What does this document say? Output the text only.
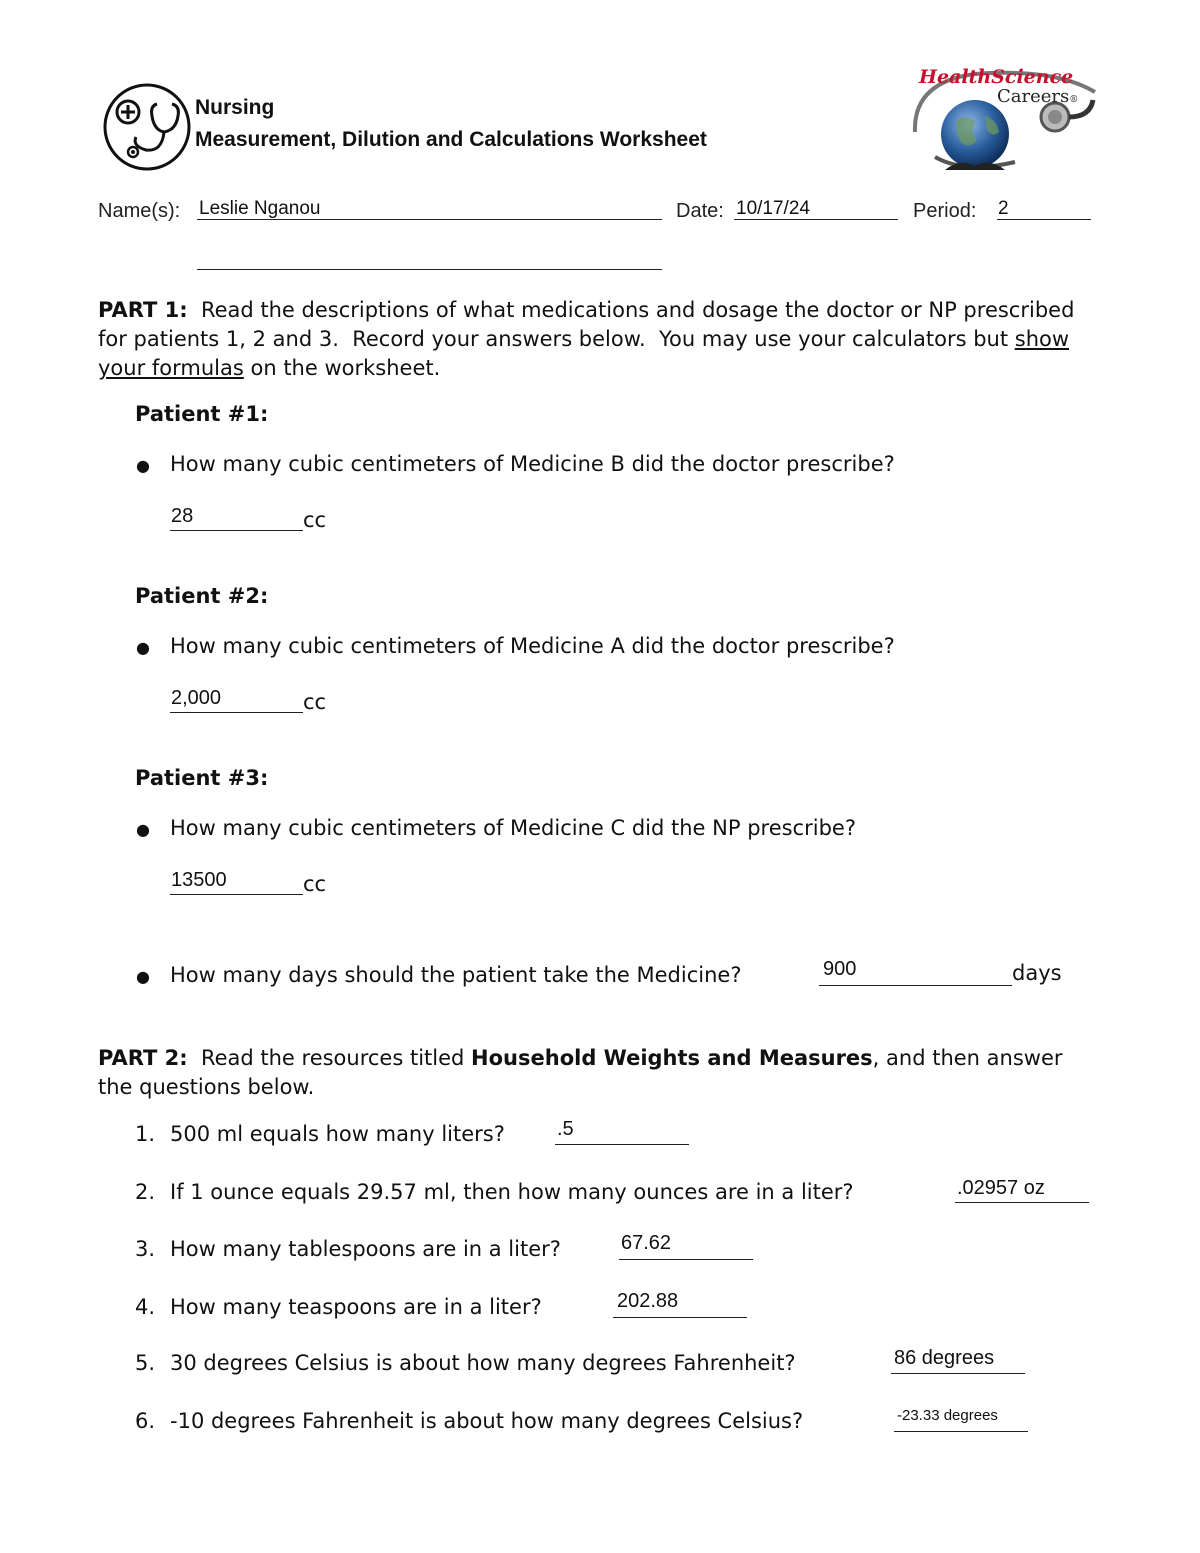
Nursing
Measurement, Dilution and Calculations Worksheet
HealthScience
Careers®
Name(s): Leslie Nganou	Date: 10/17/24	Period: 2
PART 1:  Read the descriptions of what medications and dosage the doctor or NP prescribed for patients 1, 2 and 3.  Record your answers below.  You may use your calculators but show your formulas on the worksheet.
Patient #1:
● How many cubic centimeters of Medicine B did the doctor prescribe?
28	cc
Patient #2:
● How many cubic centimeters of Medicine A did the doctor prescribe?
2,000	cc
Patient #3:
● How many cubic centimeters of Medicine C did the NP prescribe?
13500	cc
● How many days should the patient take the Medicine?	900	days
PART 2:  Read the resources titled Household Weights and Measures, and then answer the questions below.
1. 500 ml equals how many liters?	.5
2. If 1 ounce equals 29.57 ml, then how many ounces are in a liter?	.02957 oz
3. How many tablespoons are in a liter?	67.62
4. How many teaspoons are in a liter?	202.88
5. 30 degrees Celsius is about how many degrees Fahrenheit?	86 degrees
6. -10 degrees Fahrenheit is about how many degrees Celsius?	-23.33 degrees
